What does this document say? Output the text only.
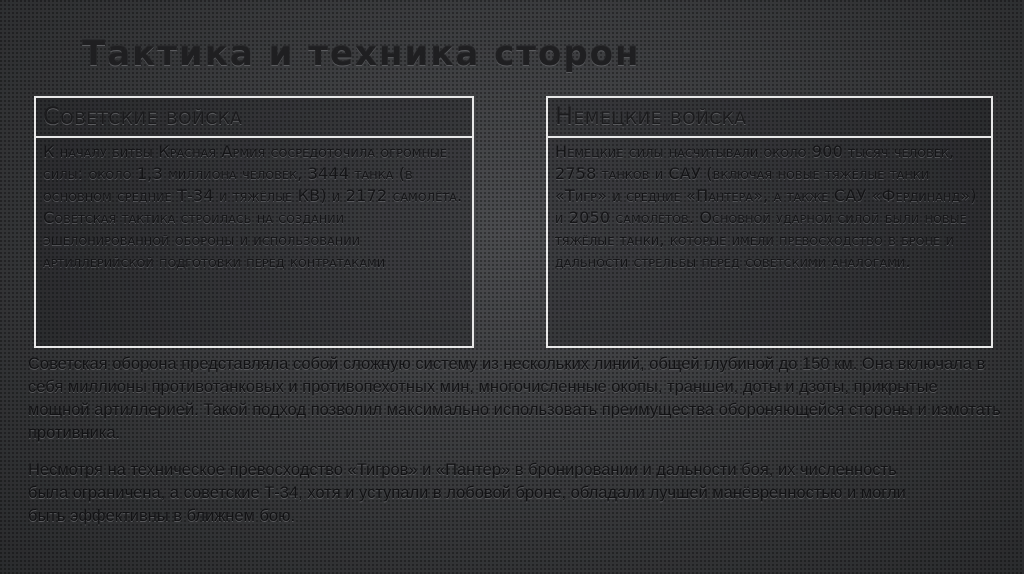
Тактика и техника сторон
Советские войска
К началу битвы Красная Армия сосредоточила огромные силы: около 1,3 миллиона человек, 3444 танка (в основном средние Т-34 и тяжёлые КВ) и 2172 самолёта. Советская тактика строилась на создании эшелонированной обороны и использовании артиллерийской подготовки перед контратаками
Немецкие войска
Немецкие силы насчитывали около 900 тысяч человек, 2758 танков и САУ (включая новые тяжёлые танки «Тигр» и средние «Пантера», а также САУ «Фердинанд») и 2050 самолётов. Основной ударной силой были новые тяжёлые танки, которые имели превосходство в броне и дальности стрельбы перед советскими аналогами.
Советская оборона представляла собой сложную систему из нескольких линий, общей глубиной до 150 км. Она включала в себя миллионы противотанковых и противопехотных мин, многочисленные окопы, траншеи, доты и дзоты, прикрытые мощной артиллерией. Такой подход позволил максимально использовать преимущества обороняющейся стороны и измотать противника.
Несмотря на техническое превосходство «Тигров» и «Пантер» в бронировании и дальности боя, их численность была ограничена, а советские Т-34, хотя и уступали в лобовой броне, обладали лучшей манёвренностью и могли быть эффективны в ближнем бою.
